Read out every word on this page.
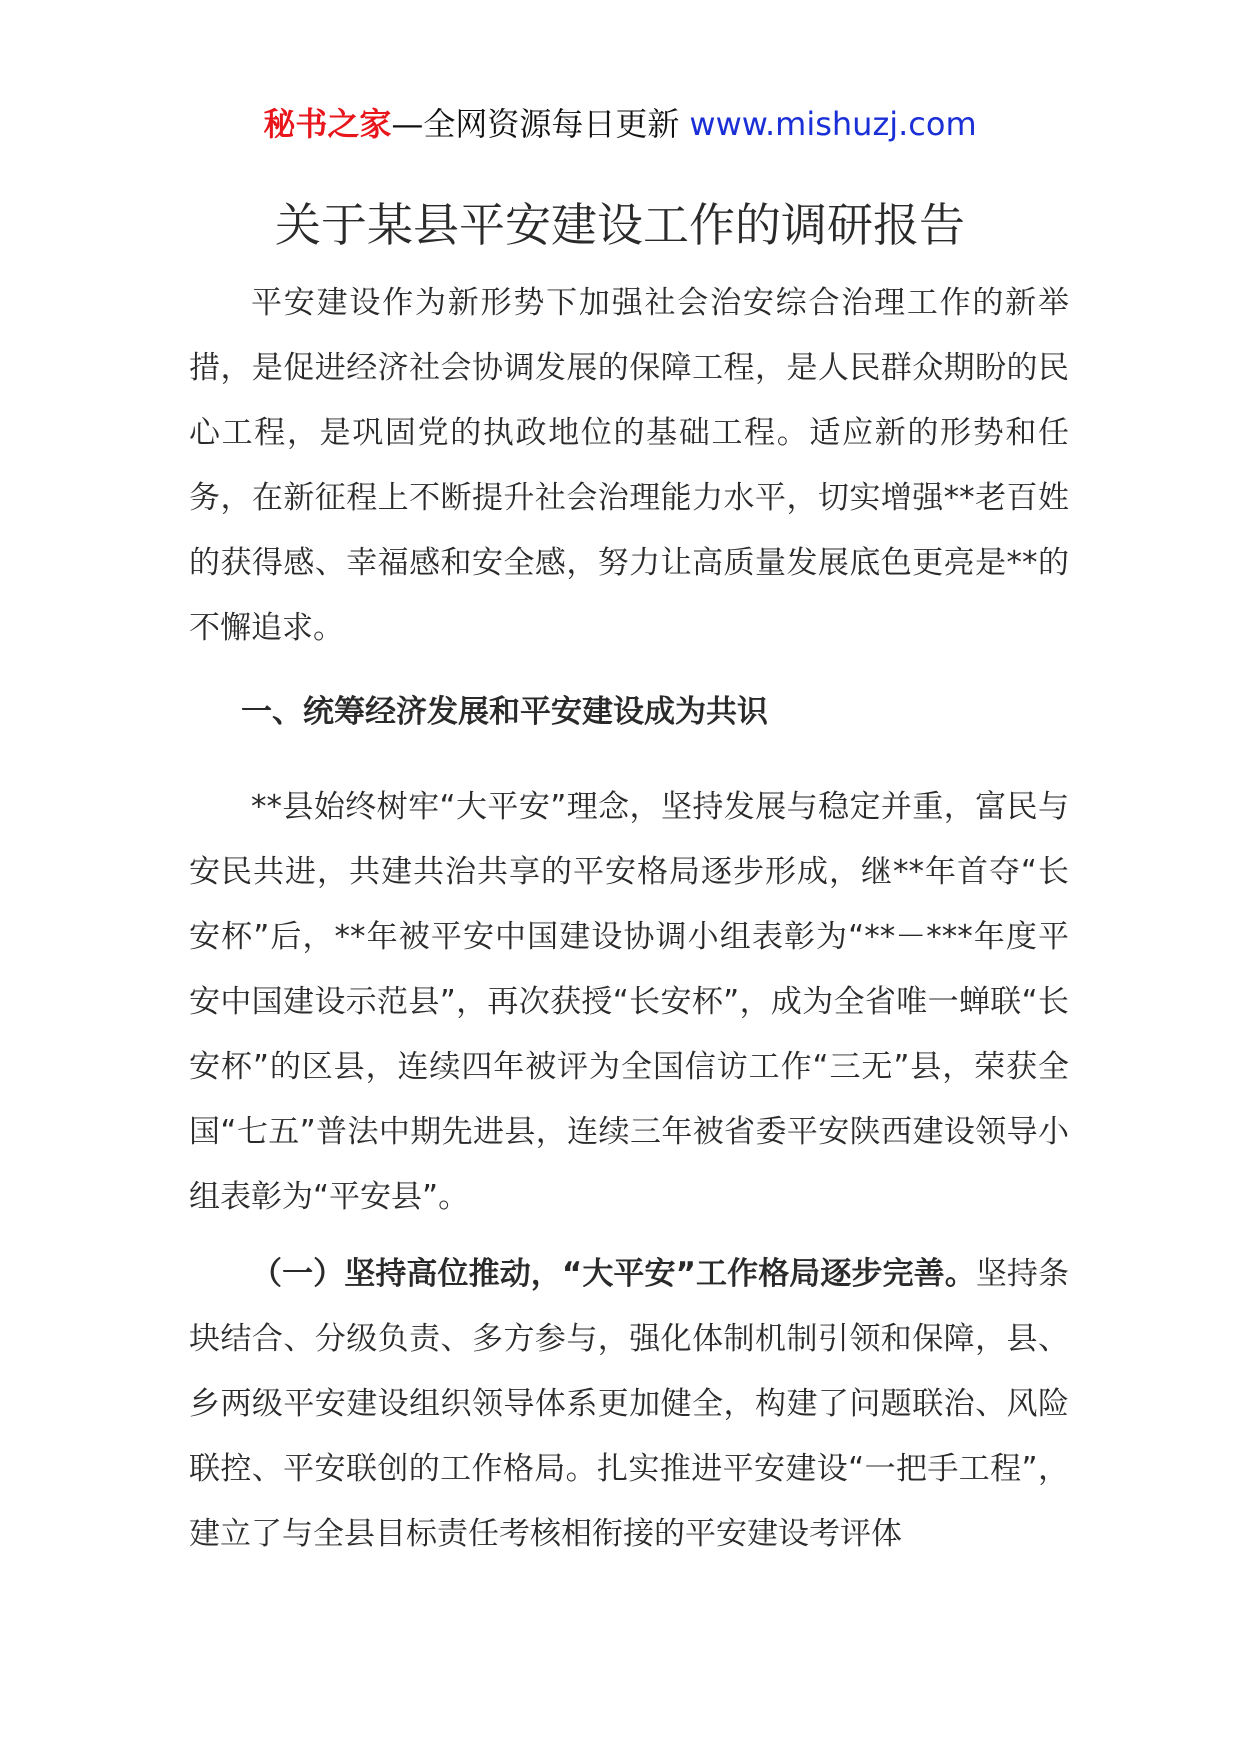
秘书之家—全网资源每日更新 www.mishuzj.com
关于某县平安建设工作的调研报告

平安建设作为新形势下加强社会治安综合治理工作的新举措，是促进经济社会协调发展的保障工程，是人民群众期盼的民心工程，是巩固党的执政地位的基础工程。适应新的形势和任务，在新征程上不断提升社会治理能力水平，切实增强**老百姓的获得感、幸福感和安全感，努力让高质量发展底色更亮是**的不懈追求。

一、统筹经济发展和平安建设成为共识

**县始终树牢“大平安”理念，坚持发展与稳定并重，富民与安民共进，共建共治共享的平安格局逐步形成，继**年首夺“长安杯”后，**年被平安中国建设协调小组表彰为“**－***年度平安中国建设示范县”，再次获授“长安杯”，成为全省唯一蝉联“长安杯”的区县，连续四年被评为全国信访工作“三无”县，荣获全国“七五”普法中期先进县，连续三年被省委平安陕西建设领导小组表彰为“平安县”。

（一）坚持高位推动，“大平安”工作格局逐步完善。坚持条块结合、分级负责、多方参与，强化体制机制引领和保障，县、乡两级平安建设组织领导体系更加健全，构建了问题联治、风险联控、平安联创的工作格局。扎实推进平安建设“一把手工程”，建立了与全县目标责任考核相衔接的平安建设考评体
